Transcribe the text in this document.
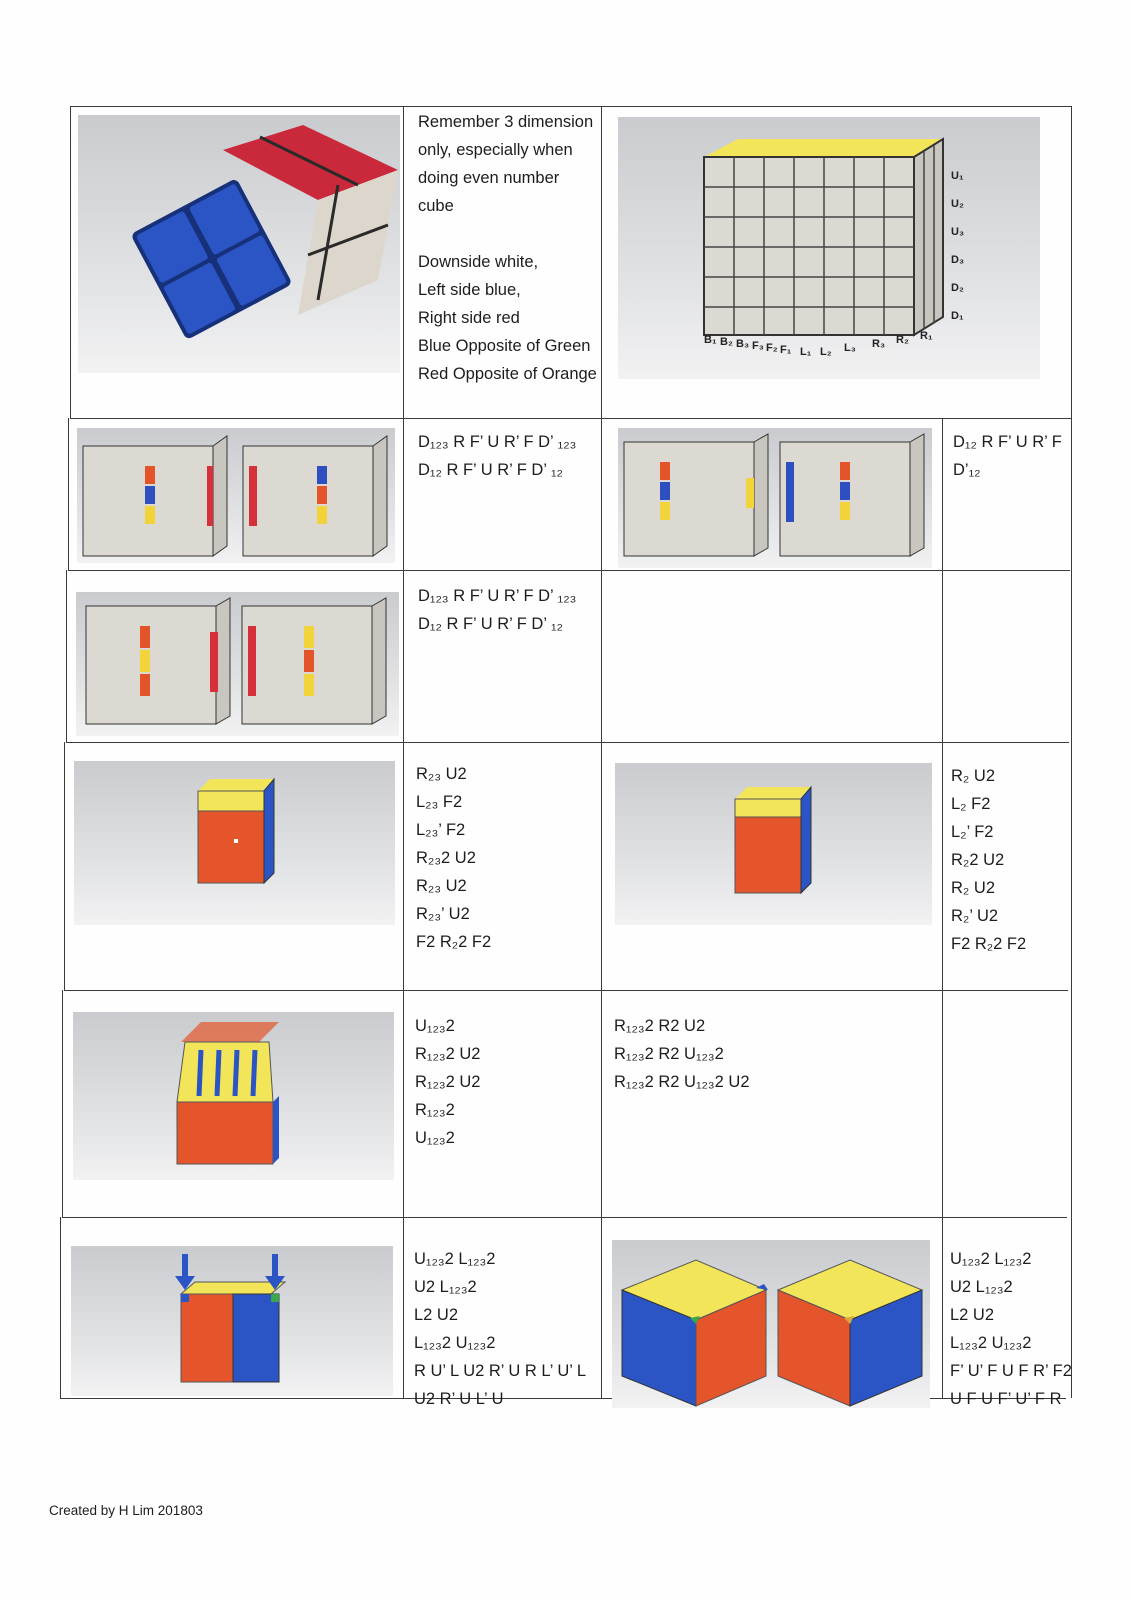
Remember 3 dimension
only, especially when
doing even number
cube

Downside white,
Left side blue,
Right side red
Blue Opposite of Green
Red Opposite of Orange
U₁
U₂
U₃
D₃
D₂
D₁
B₁ B₂ B₃ F₃ F₂ F₁ L₁ L₂ L₃ R₃ R₂ R₁
D₁₂₃ R F’ U R’ F D’ ₁₂₃
D₁₂ R F’ U R’ F D’ ₁₂
D₁₂ R F’ U R’ F
D’₁₂
D₁₂₃ R F’ U R’ F D’ ₁₂₃
D₁₂ R F’ U R’ F D’ ₁₂
R₂₃ U2
L₂₃ F2
L₂₃’ F2
R₂₃2 U2
R₂₃ U2
R₂₃’ U2
F2 R₂2 F2
R₂ U2
L₂ F2
L₂’ F2
R₂2 U2
R₂ U2
R₂’ U2
F2 R₂2 F2
U₁₂₃2
R₁₂₃2 U2
R₁₂₃2 U2
R₁₂₃2
U₁₂₃2
R₁₂₃2 R2 U2
R₁₂₃2 R2 U₁₂₃2
R₁₂₃2 R2 U₁₂₃2 U2
U₁₂₃2 L₁₂₃2
U2 L₁₂₃2
L2 U2
L₁₂₃2 U₁₂₃2
R U’ L U2 R’ U R L’ U’ L
U2 R’ U L’ U
U₁₂₃2 L₁₂₃2
U2 L₁₂₃2
L2 U2
L₁₂₃2 U₁₂₃2
F’ U’ F U F R’ F2
U F U F’ U’ F R
Created by H Lim 201803
